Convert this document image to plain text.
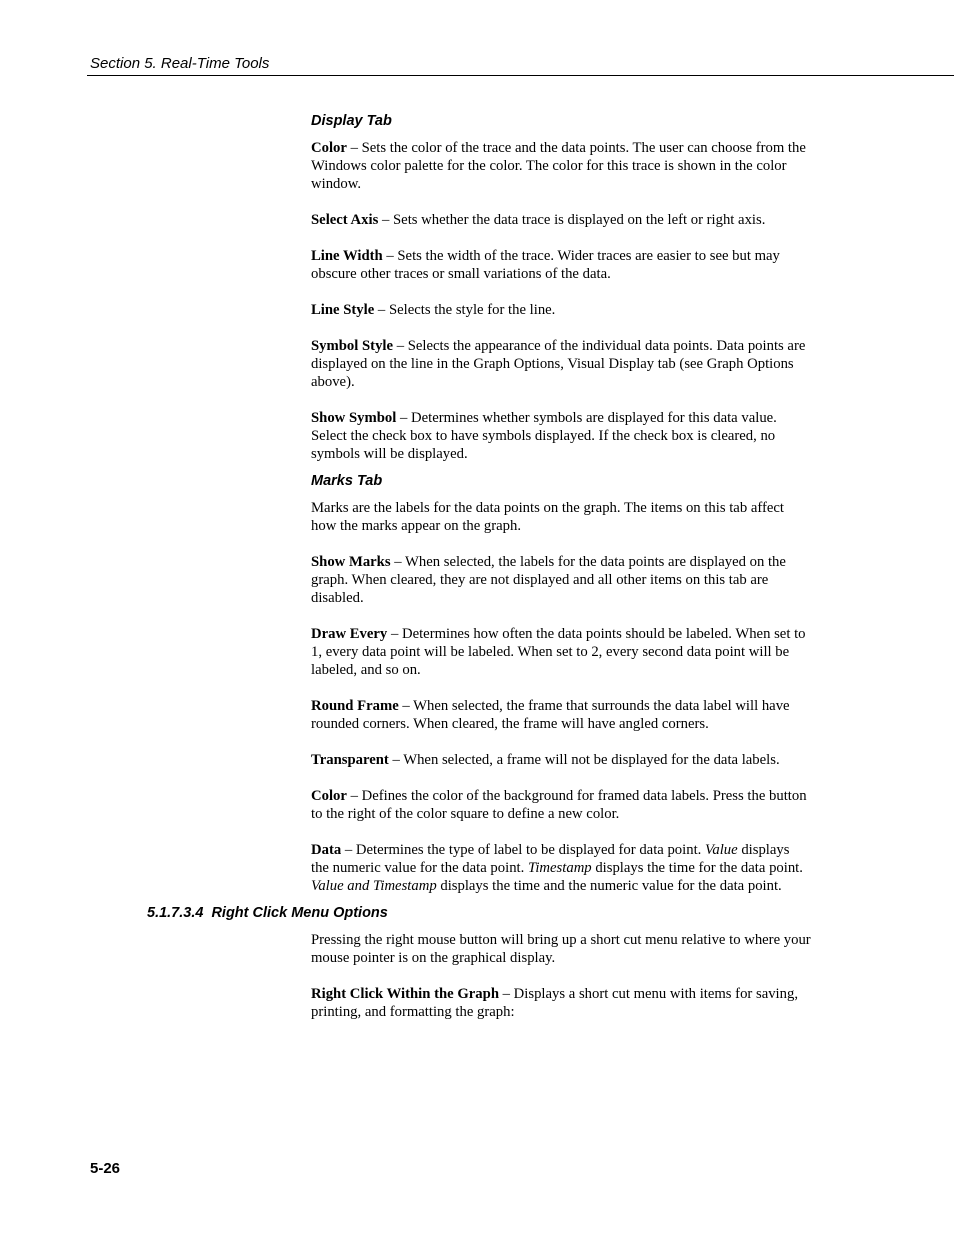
Section 5. Real-Time Tools
Display Tab

Color – Sets the color of the trace and the data points. The user can choose from the Windows color palette for the color. The color for this trace is shown in the color window.

Select Axis – Sets whether the data trace is displayed on the left or right axis.

Line Width – Sets the width of the trace. Wider traces are easier to see but may obscure other traces or small variations of the data.

Line Style – Selects the style for the line.

Symbol Style – Selects the appearance of the individual data points. Data points are displayed on the line in the Graph Options, Visual Display tab (see Graph Options above).

Show Symbol – Determines whether symbols are displayed for this data value. Select the check box to have symbols displayed. If the check box is cleared, no symbols will be displayed.

Marks Tab

Marks are the labels for the data points on the graph. The items on this tab affect how the marks appear on the graph.

Show Marks – When selected, the labels for the data points are displayed on the graph. When cleared, they are not displayed and all other items on this tab are disabled.

Draw Every – Determines how often the data points should be labeled. When set to 1, every data point will be labeled. When set to 2, every second data point will be labeled, and so on.

Round Frame – When selected, the frame that surrounds the data label will have rounded corners. When cleared, the frame will have angled corners.

Transparent – When selected, a frame will not be displayed for the data labels.

Color – Defines the color of the background for framed data labels. Press the button to the right of the color square to define a new color.

Data – Determines the type of label to be displayed for data point. Value displays the numeric value for the data point. Timestamp displays the time for the data point. Value and Timestamp displays the time and the numeric value for the data point.

5.1.7.3.4 Right Click Menu Options

Pressing the right mouse button will bring up a short cut menu relative to where your mouse pointer is on the graphical display.

Right Click Within the Graph – Displays a short cut menu with items for saving, printing, and formatting the graph:

5-26
